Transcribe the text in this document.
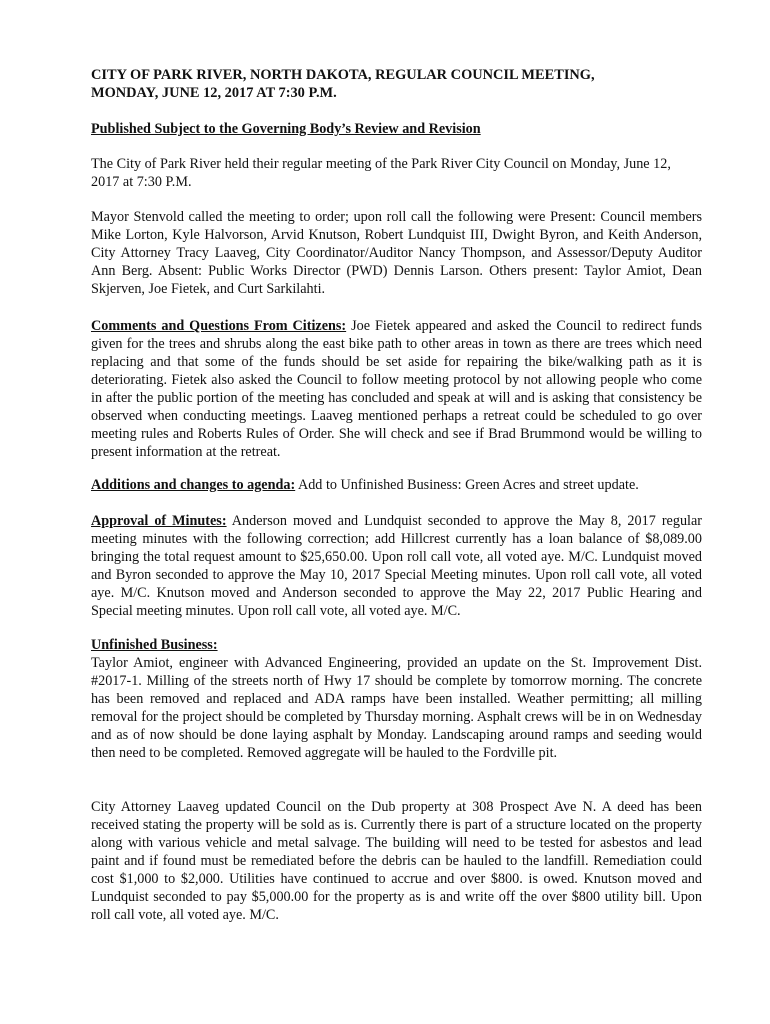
CITY OF PARK RIVER, NORTH DAKOTA, REGULAR COUNCIL MEETING,
MONDAY, JUNE 12, 2017 AT 7:30 P.M.

Published Subject to the Governing Body’s Review and Revision

The City of Park River held their regular meeting of the Park River City Council on Monday, June 12, 2017 at 7:30 P.M.

Mayor Stenvold called the meeting to order; upon roll call the following were Present: Council members Mike Lorton, Kyle Halvorson, Arvid Knutson, Robert Lundquist III, Dwight Byron, and Keith Anderson, City Attorney Tracy Laaveg, City Coordinator/Auditor Nancy Thompson, and Assessor/Deputy Auditor Ann Berg. Absent: Public Works Director (PWD) Dennis Larson. Others present: Taylor Amiot, Dean Skjerven, Joe Fietek, and Curt Sarkilahti.

Comments and Questions From Citizens: Joe Fietek appeared and asked the Council to redirect funds given for the trees and shrubs along the east bike path to other areas in town as there are trees which need replacing and that some of the funds should be set aside for repairing the bike/walking path as it is deteriorating. Fietek also asked the Council to follow meeting protocol by not allowing people who come in after the public portion of the meeting has concluded and speak at will and is asking that consistency be observed when conducting meetings. Laaveg mentioned perhaps a retreat could be scheduled to go over meeting rules and Roberts Rules of Order. She will check and see if Brad Brummond would be willing to present information at the retreat.

Additions and changes to agenda: Add to Unfinished Business: Green Acres and street update.

Approval of Minutes: Anderson moved and Lundquist seconded to approve the May 8, 2017 regular meeting minutes with the following correction; add Hillcrest currently has a loan balance of $8,089.00 bringing the total request amount to $25,650.00. Upon roll call vote, all voted aye. M/C. Lundquist moved and Byron seconded to approve the May 10, 2017 Special Meeting minutes. Upon roll call vote, all voted aye. M/C. Knutson moved and Anderson seconded to approve the May 22, 2017 Public Hearing and Special meeting minutes. Upon roll call vote, all voted aye. M/C.

Unfinished Business:
Taylor Amiot, engineer with Advanced Engineering, provided an update on the St. Improvement Dist. #2017-1. Milling of the streets north of Hwy 17 should be complete by tomorrow morning. The concrete has been removed and replaced and ADA ramps have been installed. Weather permitting; all milling removal for the project should be completed by Thursday morning. Asphalt crews will be in on Wednesday and as of now should be done laying asphalt by Monday. Landscaping around ramps and seeding would then need to be completed. Removed aggregate will be hauled to the Fordville pit.

City Attorney Laaveg updated Council on the Dub property at 308 Prospect Ave N. A deed has been received stating the property will be sold as is. Currently there is part of a structure located on the property along with various vehicle and metal salvage. The building will need to be tested for asbestos and lead paint and if found must be remediated before the debris can be hauled to the landfill. Remediation could cost $1,000 to $2,000. Utilities have continued to accrue and over $800. is owed. Knutson moved and Lundquist seconded to pay $5,000.00 for the property as is and write off the over $800 utility bill. Upon roll call vote, all voted aye. M/C.
